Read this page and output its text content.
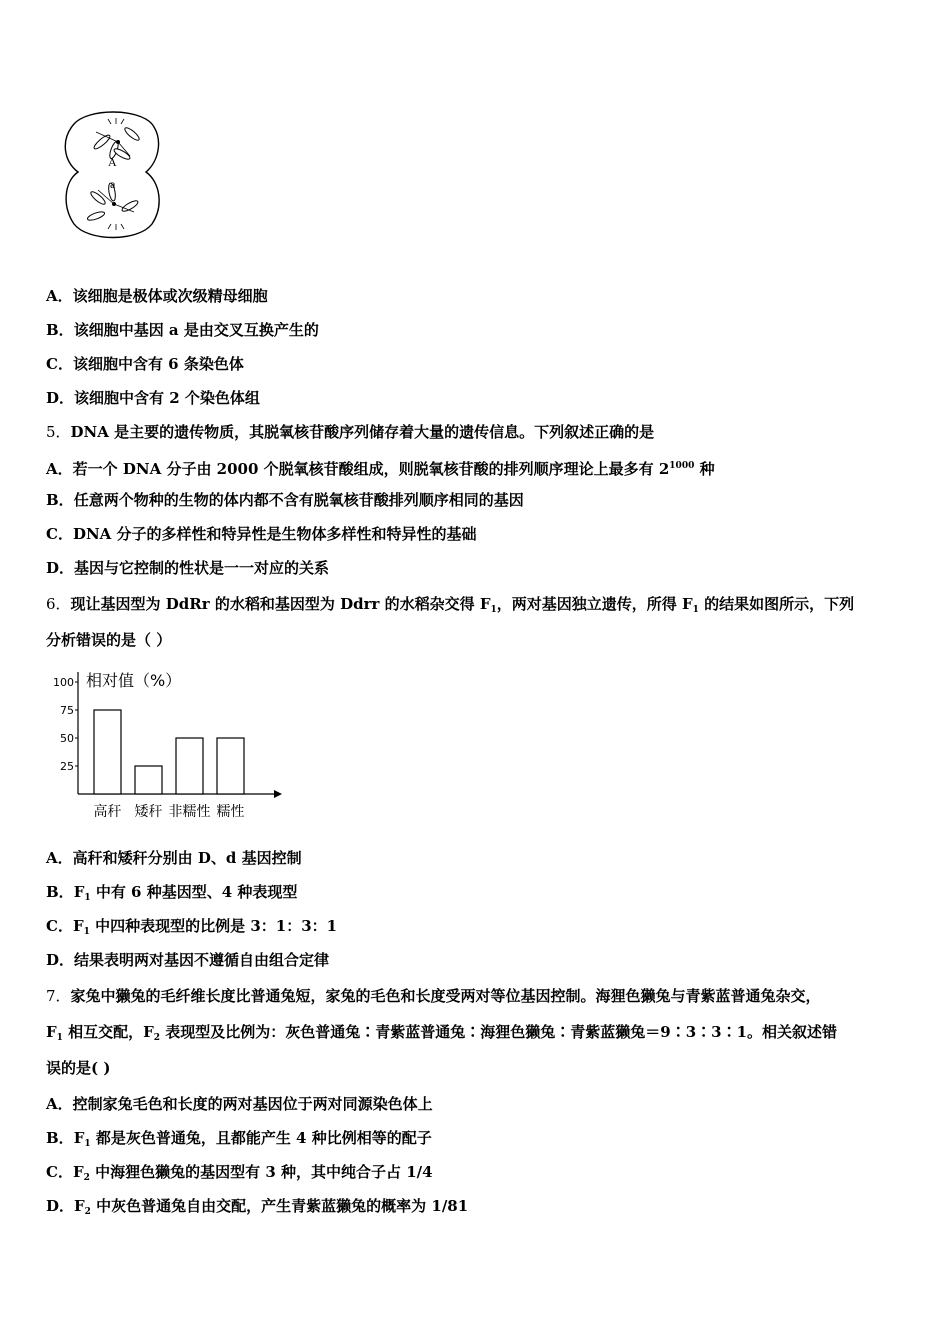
A
a
A．该细胞是极体或次级精母细胞
B．该细胞中基因 a 是由交叉互换产生的
C．该细胞中含有 6 条染色体
D．该细胞中含有 2 个染色体组
5．DNA 是主要的遗传物质，其脱氧核苷酸序列储存着大量的遗传信息。下列叙述正确的是
A．若一个 DNA 分子由 2000 个脱氧核苷酸组成，则脱氧核苷酸的排列顺序理论上最多有 $2^{1000}$ 种
B．任意两个物种的生物的体内都不含有脱氧核苷酸排列顺序相同的基因
C．DNA 分子的多样性和特异性是生物体多样性和特异性的基础
D．基因与它控制的性状是一一对应的关系
6．现让基因型为 DdRr 的水稻和基因型为 Ddrr 的水稻杂交得 $F_1$，两对基因独立遗传，所得 $F_1$ 的结果如图所示，下列
分析错误的是（ ）
相对值（%）
25
50
75
100
高秆 矮秆 非糯性 糯性
A．高秆和矮秆分别由 D、d 基因控制
B．$F_1$ 中有 6 种基因型、4 种表现型
C．$F_1$ 中四种表现型的比例是 3：1：3：1
D．结果表明两对基因不遵循自由组合定律
7．家兔中獭兔的毛纤维长度比普通兔短，家兔的毛色和长度受两对等位基因控制。海狸色獭兔与青紫蓝普通兔杂交，
$F_1$ 相互交配，$F_2$ 表现型及比例为：灰色普通兔∶青紫蓝普通兔∶海狸色獭兔∶青紫蓝獭兔＝9∶3∶3∶1。相关叙述错
误的是( )
A．控制家兔毛色和长度的两对基因位于两对同源染色体上
B．$F_1$ 都是灰色普通兔，且都能产生 4 种比例相等的配子
C．$F_2$ 中海狸色獭兔的基因型有 3 种，其中纯合子占 1/4
D．$F_2$ 中灰色普通兔自由交配，产生青紫蓝獭兔的概率为 1/81
